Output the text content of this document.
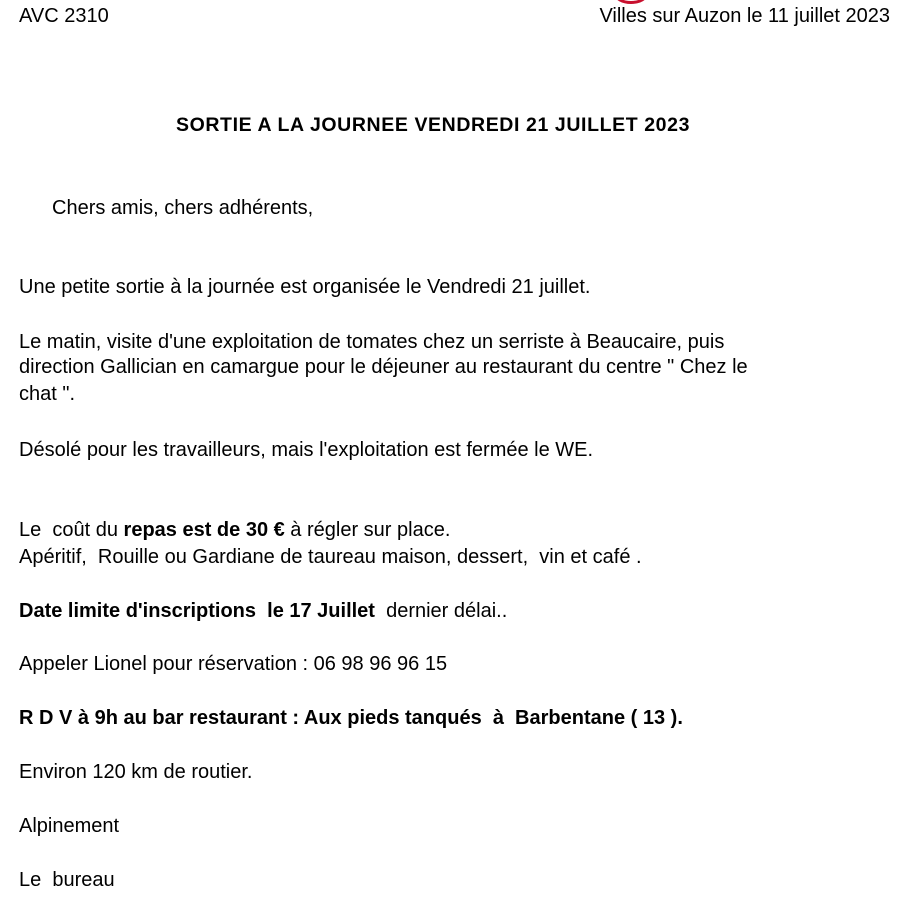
AVC 2310	Villes sur Auzon le 11 juillet 2023
SORTIE A LA JOURNEE VENDREDI 21 JUILLET 2023
Chers amis, chers adhérents,
Une petite sortie à la journée est organisée le Vendredi 21 juillet.
Le matin, visite d'une exploitation de tomates chez un serriste à Beaucaire, puis
direction Gallician en camargue pour le déjeuner au restaurant du centre " Chez le
chat ".
Désolé pour les travailleurs, mais l'exploitation est fermée le WE.
Le  coût du repas est de 30 € à régler sur place.
Apéritif,  Rouille ou Gardiane de taureau maison, dessert,  vin et café .
Date limite d'inscriptions  le 17 Juillet  dernier délai..
Appeler Lionel pour réservation : 06 98 96 96 15
R D V à 9h au bar restaurant : Aux pieds tanqués  à  Barbentane ( 13 ).
Environ 120 km de routier.
Alpinement
Le  bureau
